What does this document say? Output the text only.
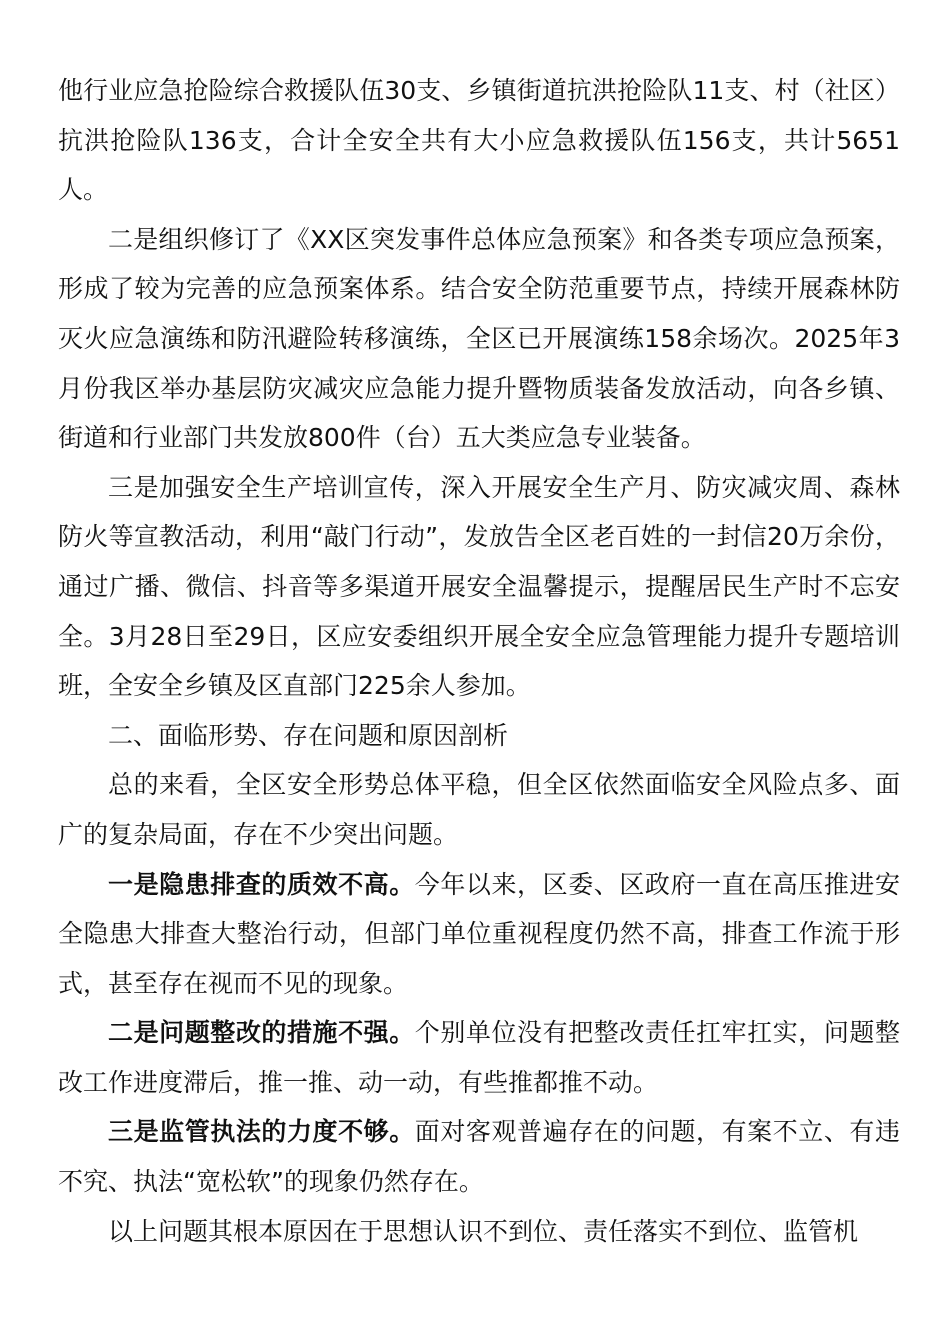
他行业应急抢险综合救援队伍30支、乡镇街道抗洪抢险队11支、村（社区）抗洪抢险队136支，合计全安全共有大小应急救援队伍156支，共计5651人。

二是组织修订了《XX区突发事件总体应急预案》和各类专项应急预案，形成了较为完善的应急预案体系。结合安全防范重要节点，持续开展森林防灭火应急演练和防汛避险转移演练，全区已开展演练158余场次。2025年3月份我区举办基层防灾减灾应急能力提升暨物质装备发放活动，向各乡镇、街道和行业部门共发放800件（台）五大类应急专业装备。

三是加强安全生产培训宣传，深入开展安全生产月、防灾减灾周、森林防火等宣教活动，利用“敲门行动”，发放告全区老百姓的一封信20万余份，通过广播、微信、抖音等多渠道开展安全温馨提示，提醒居民生产时不忘安全。3月28日至29日，区应安委组织开展全安全应急管理能力提升专题培训班，全安全乡镇及区直部门225余人参加。

二、面临形势、存在问题和原因剖析

总的来看，全区安全形势总体平稳，但全区依然面临安全风险点多、面广的复杂局面，存在不少突出问题。

一是隐患排查的质效不高。今年以来，区委、区政府一直在高压推进安全隐患大排查大整治行动，但部门单位重视程度仍然不高，排查工作流于形式，甚至存在视而不见的现象。

二是问题整改的措施不强。个别单位没有把整改责任扛牢扛实，问题整改工作进度滞后，推一推、动一动，有些推都推不动。

三是监管执法的力度不够。面对客观普遍存在的问题，有案不立、有违不究、执法“宽松软”的现象仍然存在。

以上问题其根本原因在于思想认识不到位、责任落实不到位、监管机
